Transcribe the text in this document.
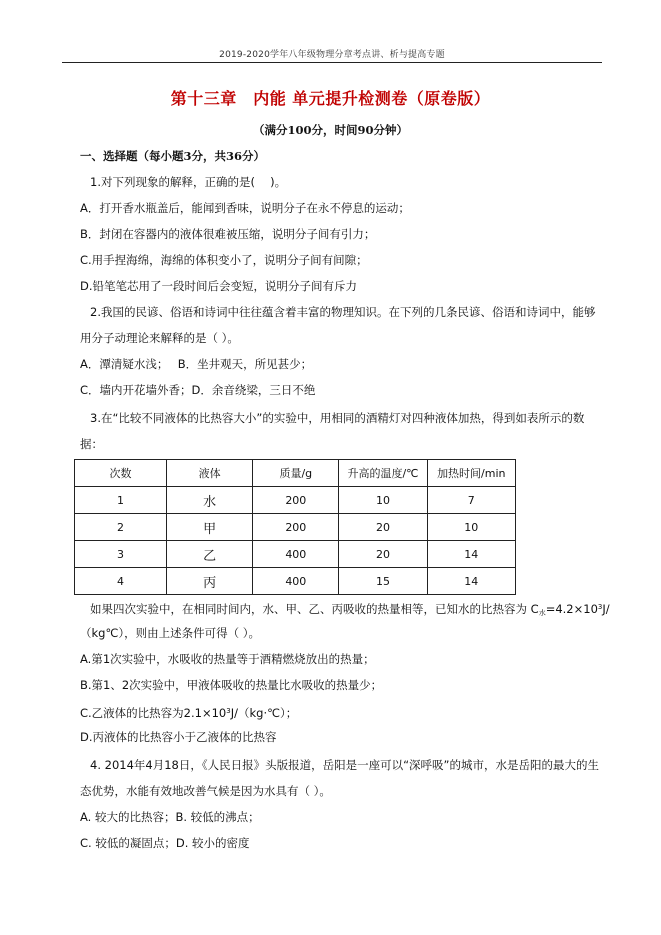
2019-2020学年八年级物理分章考点讲、析与提高专题
第十三章　内能 单元提升检测卷（原卷版）
（满分100分，时间90分钟）
一、选择题（每小题3分，共36分）
1.对下列现象的解释，正确的是(　 )。
A．打开香水瓶盖后，能闻到香味，说明分子在永不停息的运动；
B．封闭在容器内的液体很难被压缩，说明分子间有引力；
C.用手捏海绵，海绵的体积变小了，说明分子间有间隙；
D.铅笔笔芯用了一段时间后会变短，说明分子间有斥力
2.我国的民谚、俗语和诗词中往往蕴含着丰富的物理知识。在下列的几条民谚、俗语和诗词中，能够
用分子动理论来解释的是（ ）。
A．潭清疑水浅；　 B．坐井观天，所见甚少；
C．墙内开花墙外香；D．余音绕梁，三日不绝
3.在“比较不同液体的比热容大小”的实验中，用相同的酒精灯对四种液体加热，得到如表所示的数
据：
次数	液体	质量/g	升高的温度/℃	加热时间/min
1	水	200	10	7
2	甲	200	20	10
3	乙	400	20	14
4	丙	400	15	14
如果四次实验中，在相同时间内，水、甲、乙、丙吸收的热量相等，已知水的比热容为 $C_水=4.2\times 10^3J/$
（kg℃），则由上述条件可得（ ）。
A.第1次实验中，水吸收的热量等于酒精燃烧放出的热量；
B.第1、2次实验中，甲液体吸收的热量比水吸收的热量少；
C.乙液体的比热容为$2.1\times 10^3J/(kg\cdot℃)$；
D.丙液体的比热容小于乙液体的比热容
4. 2014年4月18日，《人民日报》头版报道，岳阳是一座可以“深呼吸”的城市，水是岳阳的最大的生
态优势，水能有效地改善气候是因为水具有（ ）。
A. 较大的比热容；B. 较低的沸点；
C. 较低的凝固点；D. 较小的密度
